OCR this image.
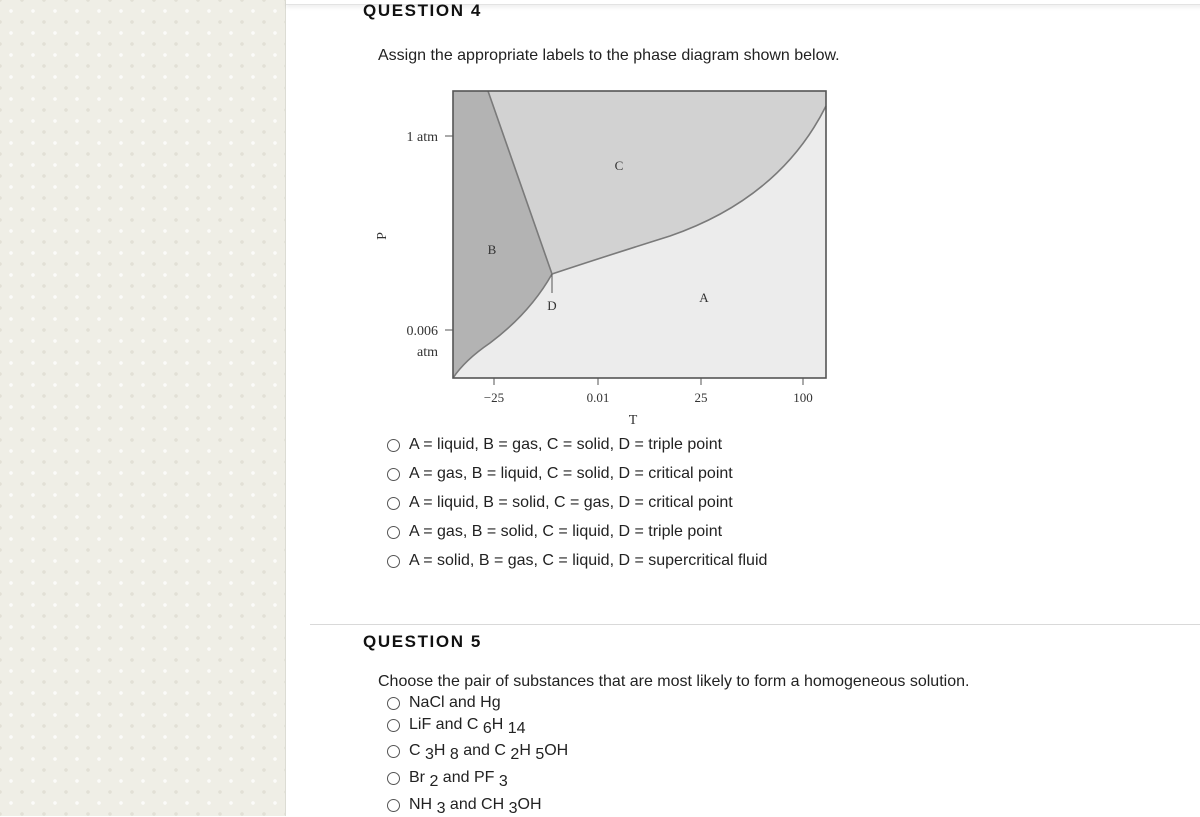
QUESTION 4
Assign the appropriate labels to the phase diagram shown below.
1 atm
0.006
atm
P
−25	0.01	25	100
T
C
B
A
D
A = liquid, B = gas, C = solid, D = triple point
A = gas, B = liquid, C = solid, D = critical point
A = liquid, B = solid, C = gas, D = critical point
A = gas, B = solid, C = liquid, D = triple point
A = solid, B = gas, C = liquid, D = supercritical fluid
QUESTION 5
Choose the pair of substances that are most likely to form a homogeneous solution.
NaCl and Hg
LiF and C 6H 14
C 3H 8 and C 2H 5OH
Br 2 and PF 3
NH 3 and CH 3OH
